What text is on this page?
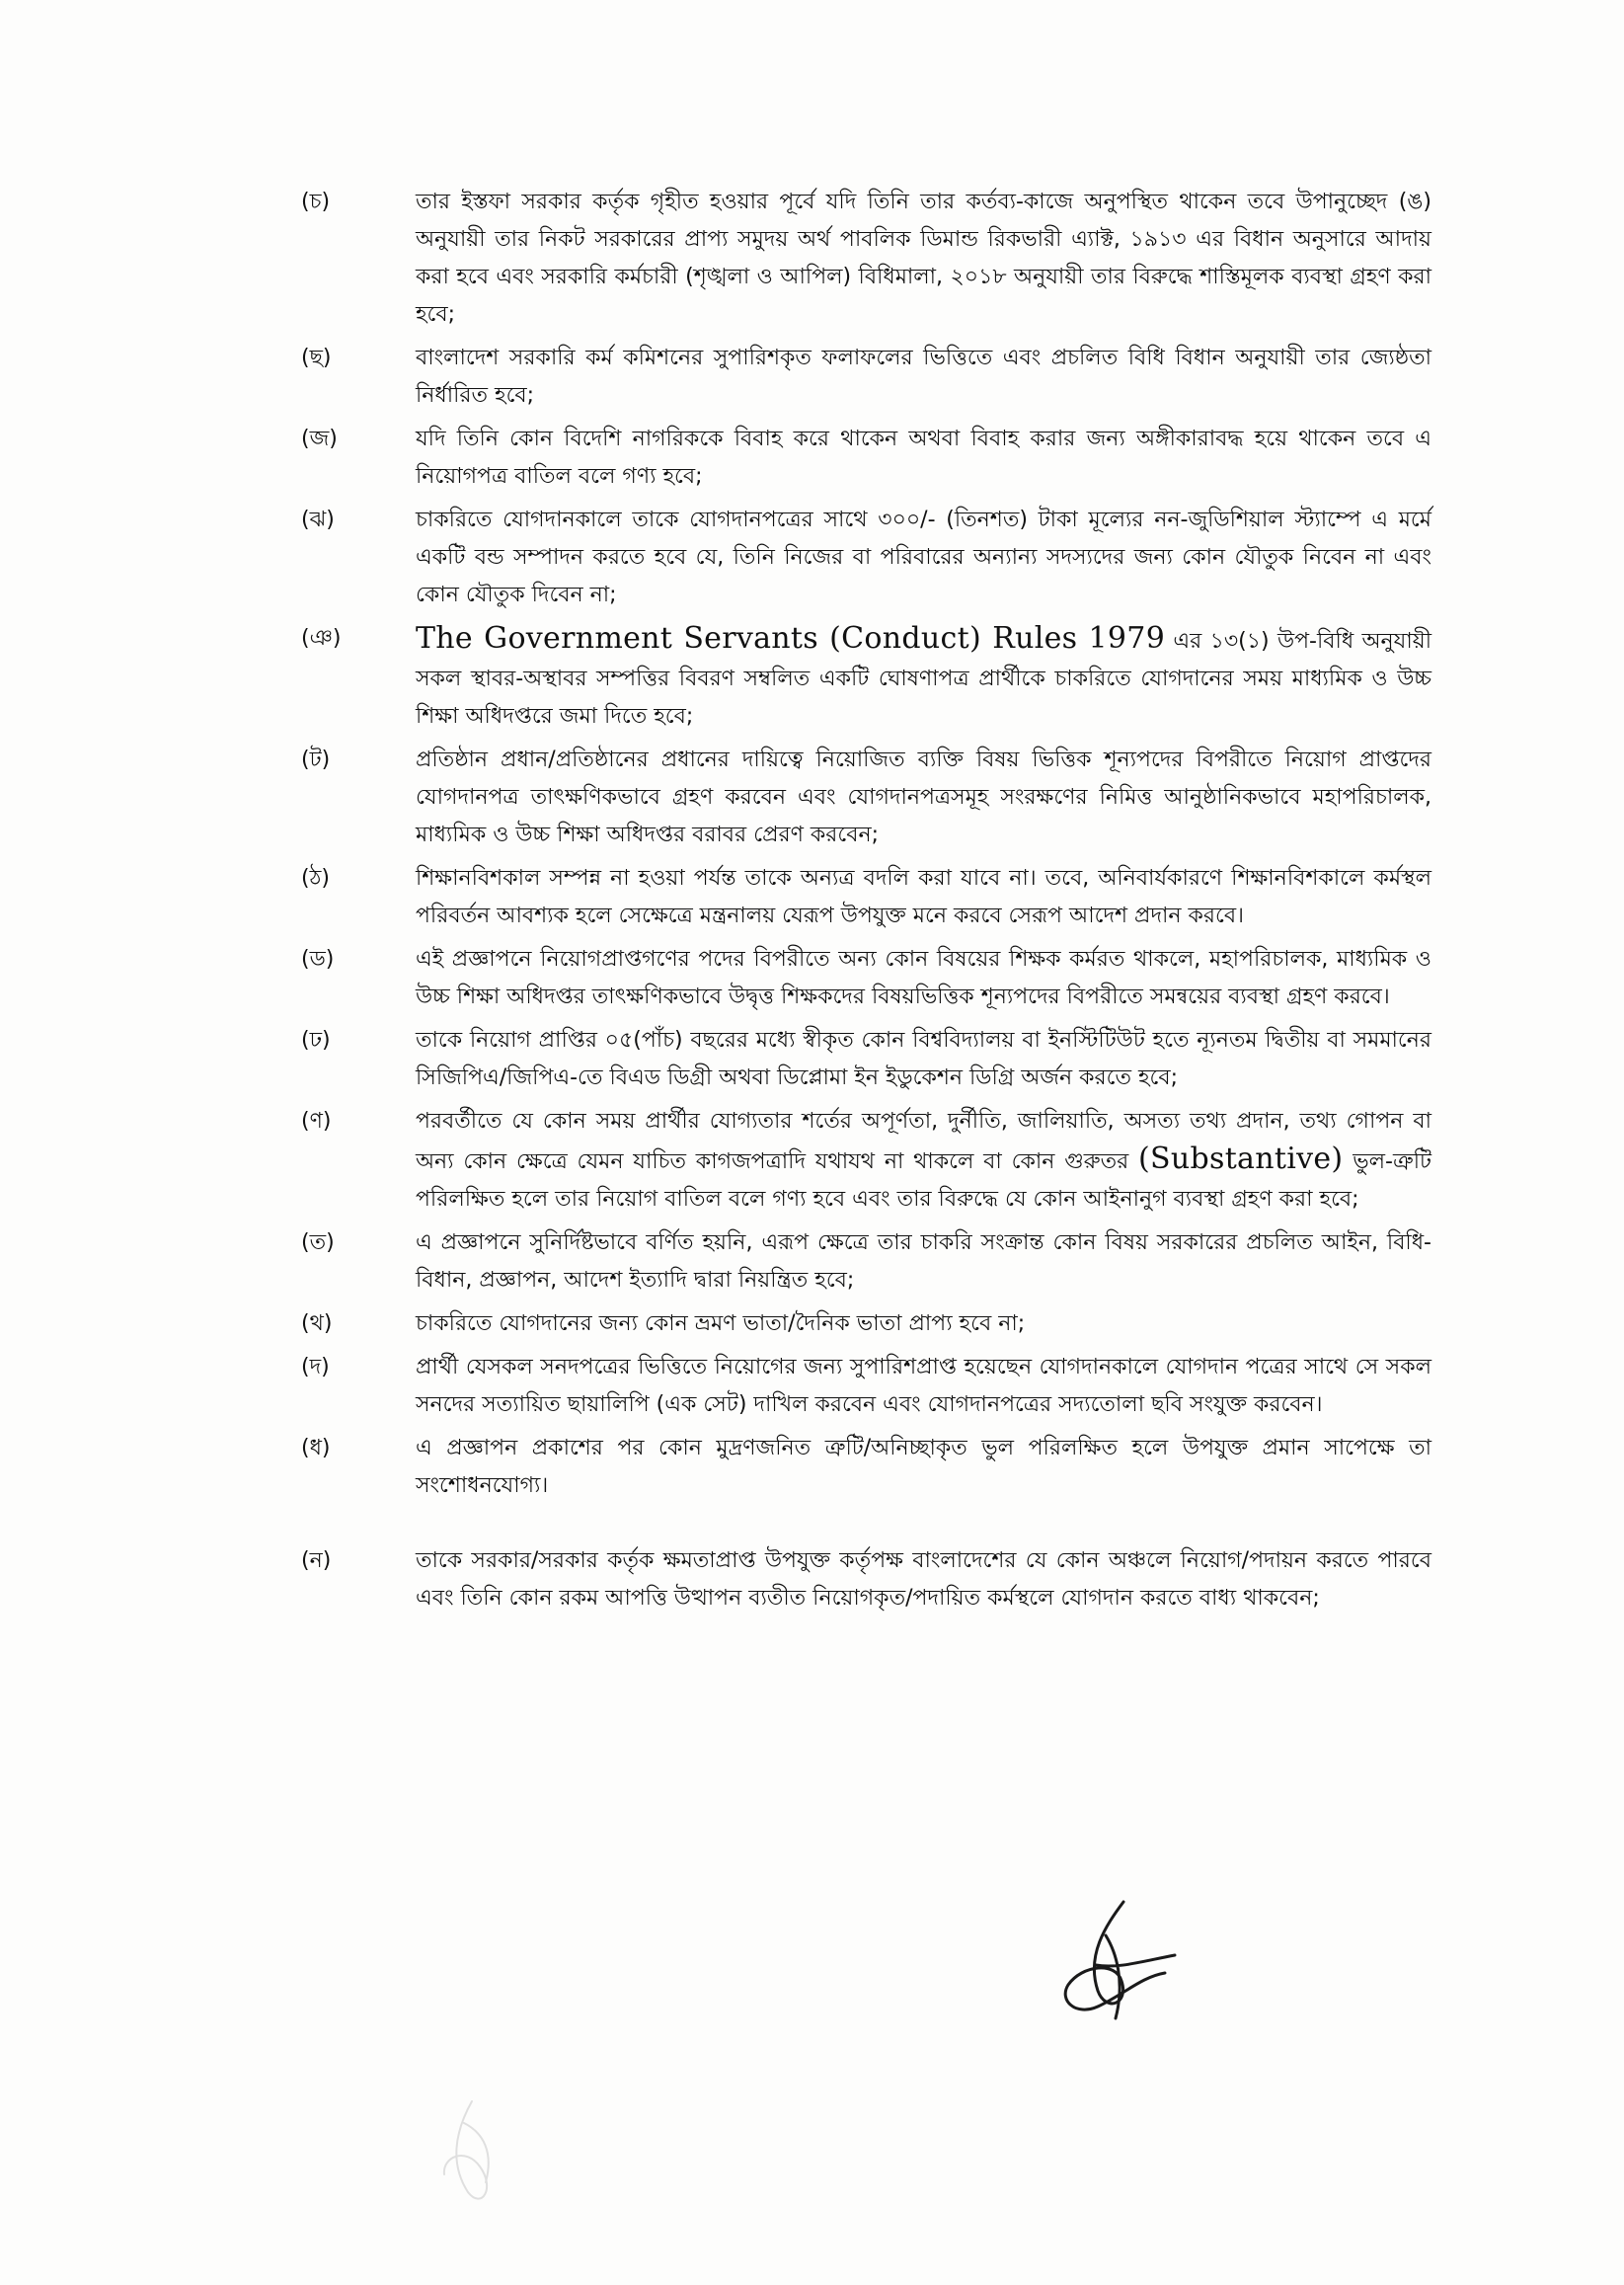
(চ)	তার ইস্তফা সরকার কর্তৃক গৃহীত হওয়ার পূর্বে যদি তিনি তার কর্তব্য-কাজে অনুপস্থিত থাকেন তবে উপানুচ্ছেদ (ঙ) অনুযায়ী তার নিকট সরকারের প্রাপ্য সমুদয় অর্থ পাবলিক ডিমান্ড রিকভারী এ্যাক্ট, ১৯১৩ এর বিধান অনুসারে আদায় করা হবে এবং সরকারি কর্মচারী (শৃঙ্খলা ও আপিল) বিধিমালা, ২০১৮ অনুযায়ী তার বিরুদ্ধে শাস্তিমূলক ব্যবস্থা গ্রহণ করা হবে;
(ছ)	বাংলাদেশ সরকারি কর্ম কমিশনের সুপারিশকৃত ফলাফলের ভিত্তিতে এবং প্রচলিত বিধি বিধান অনুযায়ী তার জ্যেষ্ঠতা নির্ধারিত হবে;
(জ)	যদি তিনি কোন বিদেশি নাগরিককে বিবাহ করে থাকেন অথবা বিবাহ করার জন্য অঙ্গীকারাবদ্ধ হয়ে থাকেন তবে এ নিয়োগপত্র বাতিল বলে গণ্য হবে;
(ঝ)	চাকরিতে যোগদানকালে তাকে যোগদানপত্রের সাথে ৩০০/- (তিনশত) টাকা মূল্যের নন-জুডিশিয়াল স্ট্যাম্পে এ মর্মে একটি বন্ড সম্পাদন করতে হবে যে, তিনি নিজের বা পরিবারের অন্যান্য সদস্যদের জন্য কোন যৌতুক নিবেন না এবং কোন যৌতুক দিবেন না;
(ঞ)	The Government Servants (Conduct) Rules 1979 এর ১৩(১) উপ-বিধি অনুযায়ী সকল স্থাবর-অস্থাবর সম্পত্তির বিবরণ সম্বলিত একটি ঘোষণাপত্র প্রার্থীকে চাকরিতে যোগদানের সময় মাধ্যমিক ও উচ্চ শিক্ষা অধিদপ্তরে জমা দিতে হবে;
(ট)	প্রতিষ্ঠান প্রধান/প্রতিষ্ঠানের প্রধানের দায়িত্বে নিয়োজিত ব্যক্তি বিষয় ভিত্তিক শূন্যপদের বিপরীতে নিয়োগ প্রাপ্তদের যোগদানপত্র তাৎক্ষণিকভাবে গ্রহণ করবেন এবং যোগদানপত্রসমূহ সংরক্ষণের নিমিত্ত আনুষ্ঠানিকভাবে মহাপরিচালক, মাধ্যমিক ও উচ্চ শিক্ষা অধিদপ্তর বরাবর প্রেরণ করবেন;
(ঠ)	শিক্ষানবিশকাল সম্পন্ন না হওয়া পর্যন্ত তাকে অন্যত্র বদলি করা যাবে না। তবে, অনিবার্যকারণে শিক্ষানবিশকালে কর্মস্থল পরিবর্তন আবশ্যক হলে সেক্ষেত্রে মন্ত্রনালয় যেরূপ উপযুক্ত মনে করবে সেরূপ আদেশ প্রদান করবে।
(ড)	এই প্রজ্ঞাপনে নিয়োগপ্রাপ্তগণের পদের বিপরীতে অন্য কোন বিষয়ের শিক্ষক কর্মরত থাকলে, মহাপরিচালক, মাধ্যমিক ও উচ্চ শিক্ষা অধিদপ্তর তাৎক্ষণিকভাবে উদ্বৃত্ত শিক্ষকদের বিষয়ভিত্তিক শূন্যপদের বিপরীতে সমন্বয়ের ব্যবস্থা গ্রহণ করবে।
(ঢ)	তাকে নিয়োগ প্রাপ্তির ০৫(পাঁচ) বছরের মধ্যে স্বীকৃত কোন বিশ্ববিদ্যালয় বা ইনস্টিটিউট হতে ন্যূনতম দ্বিতীয় বা সমমানের সিজিপিএ/জিপিএ-তে বিএড ডিগ্রী অথবা ডিপ্লোমা ইন ইডুকেশন ডিগ্রি অর্জন করতে হবে;
(ণ)	পরবর্তীতে যে কোন সময় প্রার্থীর যোগ্যতার শর্তের অপূর্ণতা, দুর্নীতি, জালিয়াতি, অসত্য তথ্য প্রদান, তথ্য গোপন বা অন্য কোন ক্ষেত্রে যেমন যাচিত কাগজপত্রাদি যথাযথ না থাকলে বা কোন গুরুতর (Substantive) ভুল-ত্রুটি পরিলক্ষিত হলে তার নিয়োগ বাতিল বলে গণ্য হবে এবং তার বিরুদ্ধে যে কোন আইনানুগ ব্যবস্থা গ্রহণ করা হবে;
(ত)	এ প্রজ্ঞাপনে সুনির্দিষ্টভাবে বর্ণিত হয়নি, এরূপ ক্ষেত্রে তার চাকরি সংক্রান্ত কোন বিষয় সরকারের প্রচলিত আইন, বিধি-বিধান, প্রজ্ঞাপন, আদেশ ইত্যাদি দ্বারা নিয়ন্ত্রিত হবে;
(থ)	চাকরিতে যোগদানের জন্য কোন ভ্রমণ ভাতা/দৈনিক ভাতা প্রাপ্য হবে না;
(দ)	প্রার্থী যেসকল সনদপত্রের ভিত্তিতে নিয়োগের জন্য সুপারিশপ্রাপ্ত হয়েছেন যোগদানকালে যোগদান পত্রের সাথে সে সকল সনদের সত্যায়িত ছায়ালিপি (এক সেট) দাখিল করবেন এবং যোগদানপত্রের সদ্যতোলা ছবি সংযুক্ত করবেন।
(ধ)	এ প্রজ্ঞাপন প্রকাশের পর কোন মুদ্রণজনিত ত্রুটি/অনিচ্ছাকৃত ভুল পরিলক্ষিত হলে উপযুক্ত প্রমান সাপেক্ষে তা সংশোধনযোগ্য।
(ন)	তাকে সরকার/সরকার কর্তৃক ক্ষমতাপ্রাপ্ত উপযুক্ত কর্তৃপক্ষ বাংলাদেশের যে কোন অঞ্চলে নিয়োগ/পদায়ন করতে পারবে এবং তিনি কোন রকম আপত্তি উত্থাপন ব্যতীত নিয়োগকৃত/পদায়িত কর্মস্থলে যোগদান করতে বাধ্য থাকবেন;
